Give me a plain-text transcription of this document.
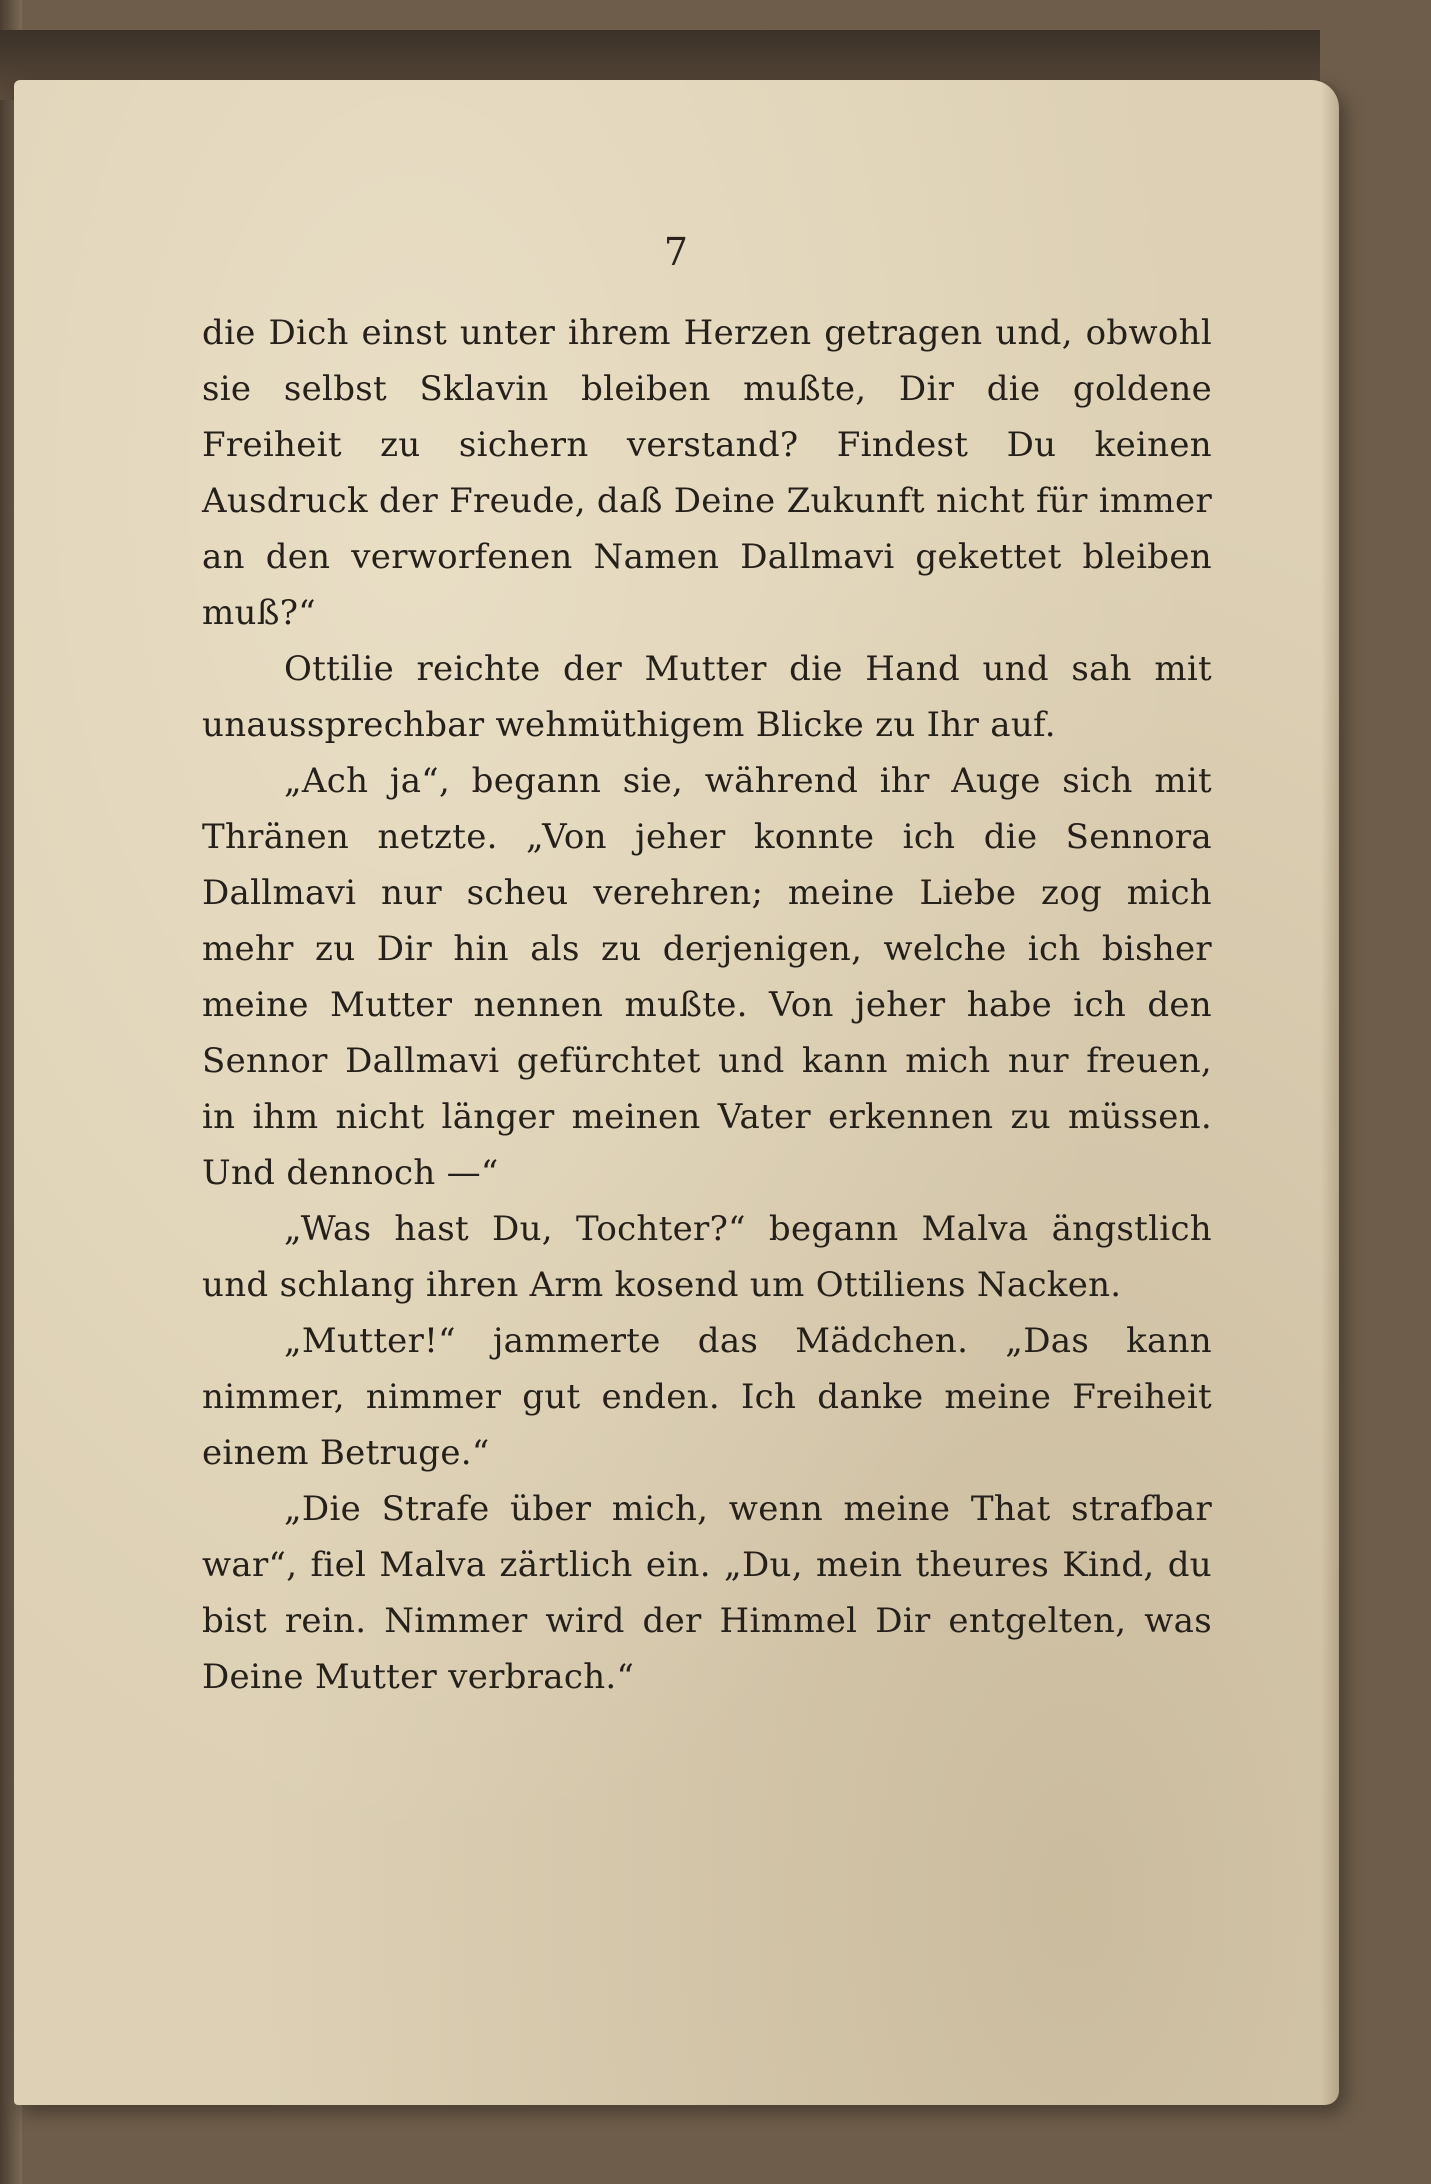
7

die Dich einst unter ihrem Herzen getragen und, obwohl sie selbst Sklavin bleiben mußte, Dir die goldene Freiheit zu sichern verstand? Findest Du keinen Ausdruck der Freude, daß Deine Zukunft nicht für immer an den verworfenen Namen Dallmavi gekettet bleiben muß?“

Ottilie reichte der Mutter die Hand und sah mit unaussprechbar wehmüthigem Blicke zu Ihr auf.

„Ach ja“, begann sie, während ihr Auge sich mit Thränen netzte. „Von jeher konnte ich die Sennora Dallmavi nur scheu verehren; meine Liebe zog mich mehr zu Dir hin als zu derjenigen, welche ich bisher meine Mutter nennen mußte. Von jeher habe ich den Sennor Dallmavi gefürchtet und kann mich nur freuen, in ihm nicht länger meinen Vater erkennen zu müssen. Und dennoch —“

„Was hast Du, Tochter?“ begann Malva ängstlich und schlang ihren Arm kosend um Ottiliens Nacken.

„Mutter!“ jammerte das Mädchen. „Das kann nimmer, nimmer gut enden. Ich danke meine Freiheit einem Betruge.“

„Die Strafe über mich, wenn meine That strafbar war“, fiel Malva zärtlich ein. „Du, mein theures Kind, du bist rein. Nimmer wird der Himmel Dir entgelten, was Deine Mutter verbrach.“
